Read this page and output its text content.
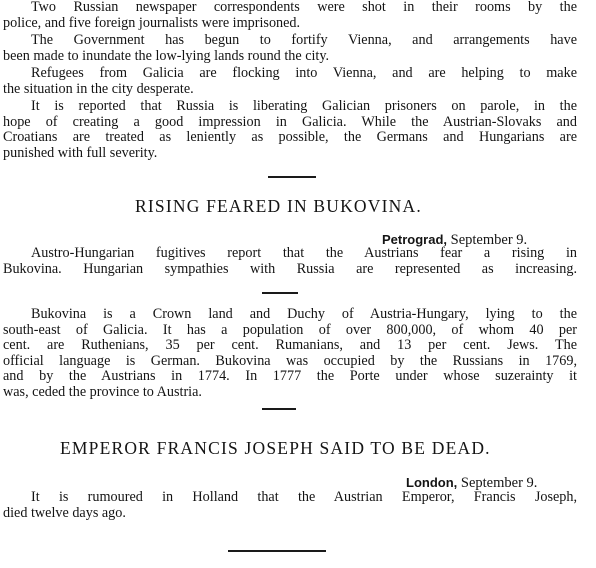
Two Russian newspaper correspondents were shot in their rooms by the
police, and five foreign journalists were imprisoned.
The Government has begun to fortify Vienna, and arrangements have
been made to inundate the low-lying lands round the city.
Refugees from Galicia are flocking into Vienna, and are helping to make
the situation in the city desperate.
It is reported that Russia is liberating Galician prisoners on parole, in the
hope of creating a good impression in Galicia. While the Austrian-Slovaks and
Croatians are treated as leniently as possible, the Germans and Hungarians are
punished with full severity.
RISING FEARED IN BUKOVINA.
Petrograd, September 9.
Austro-Hungarian fugitives report that the Austrians fear a rising in
Bukovina. Hungarian sympathies with Russia are represented as increasing.
Bukovina is a Crown land and Duchy of Austria-Hungary, lying to the
south-east of Galicia. It has a population of over 800,000, of whom 40 per
cent. are Ruthenians, 35 per cent. Rumanians, and 13 per cent. Jews. The
official language is German. Bukovina was occupied by the Russians in 1769,
and by the Austrians in 1774. In 1777 the Porte under whose suzerainty it
was, ceded the province to Austria.
EMPEROR FRANCIS JOSEPH SAID TO BE DEAD.
London, September 9.
It is rumoured in Holland that the Austrian Emperor, Francis Joseph,
died twelve days ago.
